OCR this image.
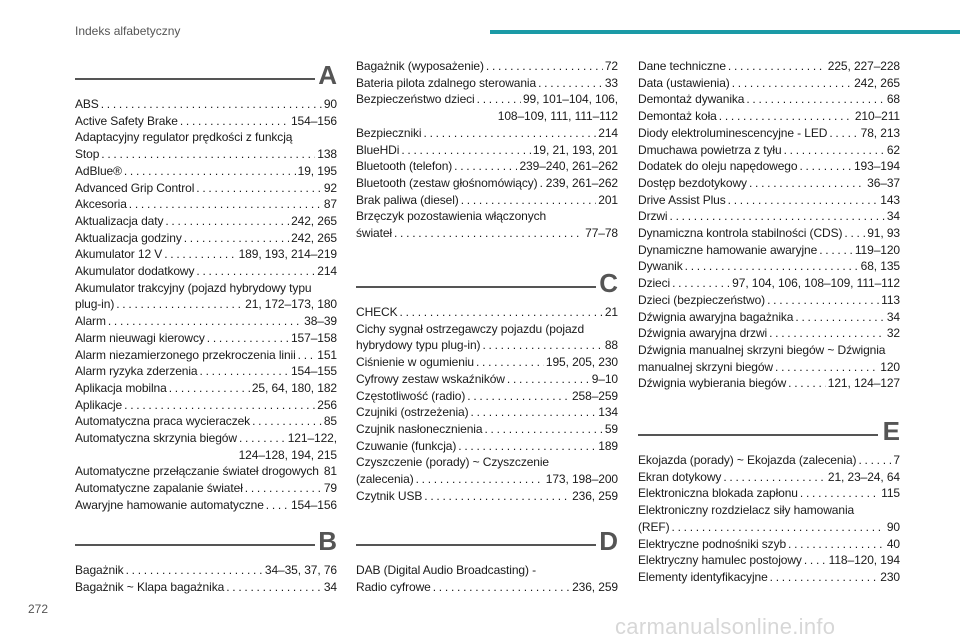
Indeks alfabetyczny
A
ABS . . .	90
Active Safety Brake . . .	154–156
Adaptacyjny regulator prędkości z funkcją
Stop . . .	138
AdBlue® . . .	19, 195
Advanced Grip Control . . .	92
Akcesoria . . .	87
Aktualizacja daty . . .	242, 265
Aktualizacja godziny . . .	242, 265
Akumulator 12 V . . .	189, 193, 214–219
Akumulator dodatkowy . . .	214
Akumulator trakcyjny (pojazd hybrydowy typu
plug-in) . . .	21, 172–173, 180
Alarm . . .	38–39
Alarm nieuwagi kierowcy . . .	157–158
Alarm niezamierzonego przekroczenia linii . . . 151
Alarm ryzyka zderzenia . . .	154–155
Aplikacja mobilna . . .	25, 64, 180, 182
Aplikacje . . .	256
Automatyczna praca wycieraczek . . .	85
Automatyczna skrzynia biegów . . .	121–122,
124–128, 194, 215
Automatyczne przełączanie świateł drogowych . . . 81
Automatyczne zapalanie świateł . . .	79
Awaryjne hamowanie automatyczne . . . 154–156
B
Bagażnik . . .	34–35, 37, 76
Bagażnik ~ Klapa bagażnika . . .	34
Bagażnik (wyposażenie) . . .	72
Bateria pilota zdalnego sterowania . . .	33
Bezpieczeństwo dzieci . . .	99, 101–104, 106,
108–109, 111, 111–112
Bezpieczniki . . .	214
BlueHDi . . .	19, 21, 193, 201
Bluetooth (telefon) . . .	239–240, 261–262
Bluetooth (zestaw głośnomówiący) . . . 239, 261–262
Brak paliwa (diesel) . . .	201
Brzęczyk pozostawienia włączonych
świateł . . .	77–78
C
CHECK . . .	21
Cichy sygnał ostrzegawczy pojazdu (pojazd
hybrydowy typu plug-in) . . .	88
Ciśnienie w ogumieniu . . .	195, 205, 230
Cyfrowy zestaw wskaźników . . .	9–10
Częstotliwość (radio) . . .	258–259
Czujniki (ostrzeżenia) . . .	134
Czujnik nasłonecznienia . . .	59
Czuwanie (funkcja) . . .	189
Czyszczenie (porady) ~ Czyszczenie
(zalecenia) . . .	173, 198–200
Czytnik USB . . .	236, 259
D
DAB (Digital Audio Broadcasting) -
Radio cyfrowe . . .	236, 259
Dane techniczne . . .	225, 227–228
Data (ustawienia) . . .	242, 265
Demontaż dywanika . . .	68
Demontaż koła . . .	210–211
Diody elektroluminescencyjne - LED . . .	78, 213
Dmuchawa powietrza z tyłu . . .	62
Dodatek do oleju napędowego . . .	193–194
Dostęp bezdotykowy . . .	36–37
Drive Assist Plus . . .	143
Drzwi . . .	34
Dynamiczna kontrola stabilności (CDS) . . . 91, 93
Dynamiczne hamowanie awaryjne . . .	119–120
Dywanik . . .	68, 135
Dzieci . . .	97, 104, 106, 108–109, 111–112
Dzieci (bezpieczeństwo) . . .	113
Dźwignia awaryjna bagażnika . . .	34
Dźwignia awaryjna drzwi . . .	32
Dźwignia manualnej skrzyni biegów ~ Dźwignia
manualnej skrzyni biegów . . .	120
Dźwignia wybierania biegów . . .	121, 124–127
E
Ekojazda (porady) ~ Ekojazda (zalecenia) . . .	7
Ekran dotykowy . . .	21, 23–24, 64
Elektroniczna blokada zapłonu . . .	115
Elektroniczny rozdzielacz siły hamowania
(REF) . . .	90
Elektryczne podnośniki szyb . . .	40
Elektryczny hamulec postojowy . . . 118–120, 194
Elementy identyfikacyjne . . .	230
272
carmanualsonline.info
